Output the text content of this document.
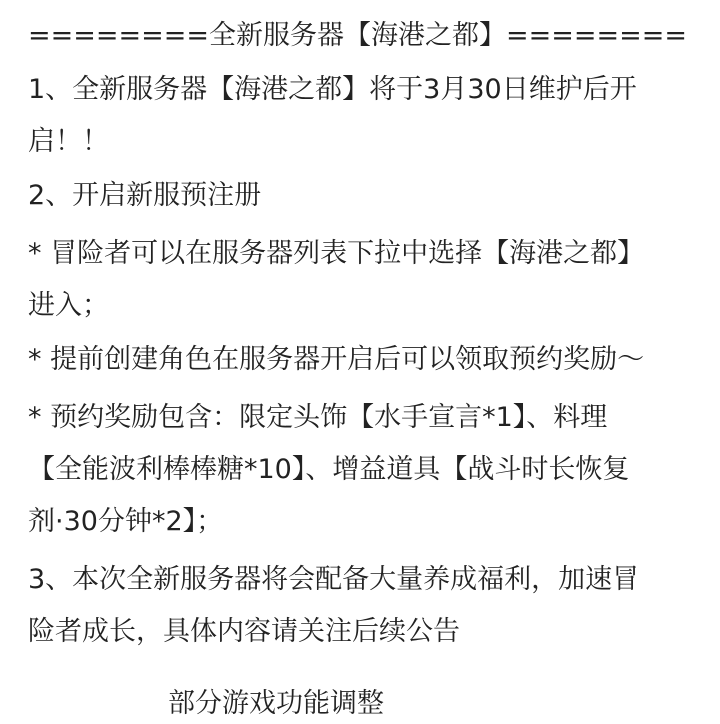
========全新服务器【海港之都】========
1、全新服务器【海港之都】将于3月30日维护后开
启！！
2、开启新服预注册
* 冒险者可以在服务器列表下拉中选择【海港之都】
进入；
* 提前创建角色在服务器开启后可以领取预约奖励～
* 预约奖励包含：限定头饰【水手宣言*1】、料理
【全能波利棒棒糖*10】、增益道具【战斗时长恢复
剂·30分钟*2】；
3、本次全新服务器将会配备大量养成福利，加速冒
险者成长，具体内容请关注后续公告
部分游戏功能调整
